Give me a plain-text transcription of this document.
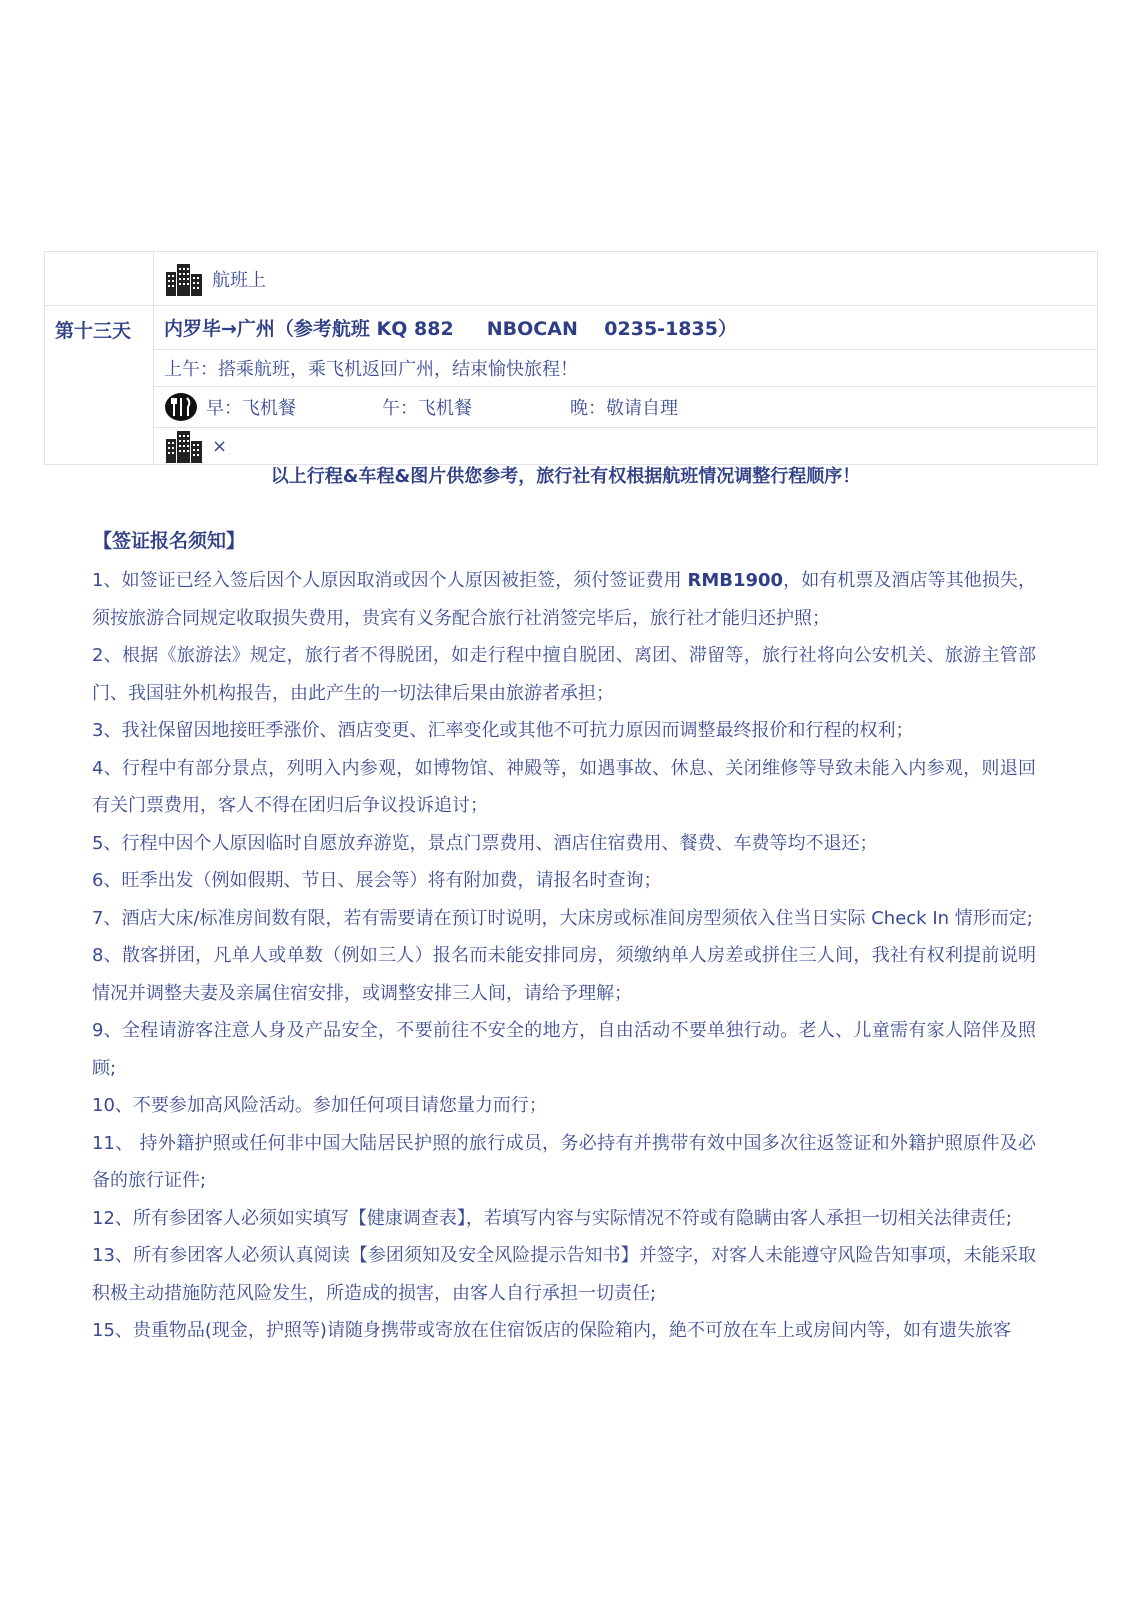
	航班上
第十三天	内罗毕→广州（参考航班 KQ 882     NBOCAN    0235-1835）
	上午：搭乘航班，乘飞机返回广州，结束愉快旅程！
	早：飞机餐 午：飞机餐 晚：敬请自理
	×
以上行程&车程&图片供您参考，旅行社有权根据航班情况调整行程顺序！
【签证报名须知】

1、如签证已经入签后因个人原因取消或因个人原因被拒签，须付签证费用 RMB1900，如有机票及酒店等其他损失，须按旅游合同规定收取损失费用，贵宾有义务配合旅行社消签完毕后，旅行社才能归还护照；

2、根据《旅游法》规定，旅行者不得脱团，如走行程中擅自脱团、离团、滞留等，旅行社将向公安机关、旅游主管部门、我国驻外机构报告，由此产生的一切法律后果由旅游者承担；

3、我社保留因地接旺季涨价、酒店变更、汇率变化或其他不可抗力原因而调整最终报价和行程的权利；

4、行程中有部分景点，列明入内参观，如博物馆、神殿等，如遇事故、休息、关闭维修等导致未能入内参观，则退回有关门票费用，客人不得在团归后争议投诉追讨；

5、行程中因个人原因临时自愿放弃游览，景点门票费用、酒店住宿费用、餐费、车费等均不退还；

6、旺季出发（例如假期、节日、展会等）将有附加费，请报名时查询；

7、酒店大床/标准房间数有限，若有需要请在预订时说明，大床房或标准间房型须依入住当日实际 Check In 情形而定;

8、散客拼团，凡单人或单数（例如三人）报名而未能安排同房，须缴纳单人房差或拼住三人间，我社有权利提前说明情况并调整夫妻及亲属住宿安排，或调整安排三人间，请给予理解；

9、全程请游客注意人身及产品安全，不要前往不安全的地方，自由活动不要单独行动。老人、儿童需有家人陪伴及照顾;

10、不要参加高风险活动。参加任何项目请您量力而行；

11、 持外籍护照或任何非中国大陆居民护照的旅行成员，务必持有并携带有效中国多次往返签证和外籍护照原件及必备的旅行证件;

12、所有参团客人必须如实填写【健康调查表】，若填写内容与实际情况不符或有隐瞒由客人承担一切相关法律责任;

13、所有参团客人必须认真阅读【参团须知及安全风险提示告知书】并签字，对客人未能遵守风险告知事项，未能采取积极主动措施防范风险发生，所造成的损害，由客人自行承担一切责任;

15、贵重物品(现金，护照等)请随身携带或寄放在住宿饭店的保险箱内，絶不可放在车上或房间内等，如有遗失旅客
